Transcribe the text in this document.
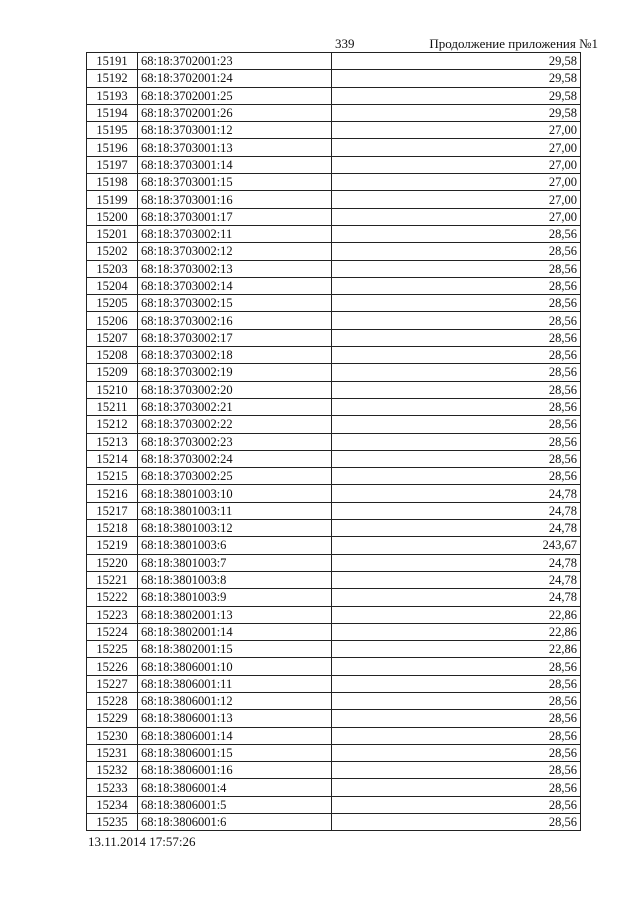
339	Продолжение приложения №1
15191	68:18:3702001:23	29,58
15192	68:18:3702001:24	29,58
15193	68:18:3702001:25	29,58
15194	68:18:3702001:26	29,58
15195	68:18:3703001:12	27,00
15196	68:18:3703001:13	27,00
15197	68:18:3703001:14	27,00
15198	68:18:3703001:15	27,00
15199	68:18:3703001:16	27,00
15200	68:18:3703001:17	27,00
15201	68:18:3703002:11	28,56
15202	68:18:3703002:12	28,56
15203	68:18:3703002:13	28,56
15204	68:18:3703002:14	28,56
15205	68:18:3703002:15	28,56
15206	68:18:3703002:16	28,56
15207	68:18:3703002:17	28,56
15208	68:18:3703002:18	28,56
15209	68:18:3703002:19	28,56
15210	68:18:3703002:20	28,56
15211	68:18:3703002:21	28,56
15212	68:18:3703002:22	28,56
15213	68:18:3703002:23	28,56
15214	68:18:3703002:24	28,56
15215	68:18:3703002:25	28,56
15216	68:18:3801003:10	24,78
15217	68:18:3801003:11	24,78
15218	68:18:3801003:12	24,78
15219	68:18:3801003:6	243,67
15220	68:18:3801003:7	24,78
15221	68:18:3801003:8	24,78
15222	68:18:3801003:9	24,78
15223	68:18:3802001:13	22,86
15224	68:18:3802001:14	22,86
15225	68:18:3802001:15	22,86
15226	68:18:3806001:10	28,56
15227	68:18:3806001:11	28,56
15228	68:18:3806001:12	28,56
15229	68:18:3806001:13	28,56
15230	68:18:3806001:14	28,56
15231	68:18:3806001:15	28,56
15232	68:18:3806001:16	28,56
15233	68:18:3806001:4	28,56
15234	68:18:3806001:5	28,56
15235	68:18:3806001:6	28,56
13.11.2014 17:57:26
